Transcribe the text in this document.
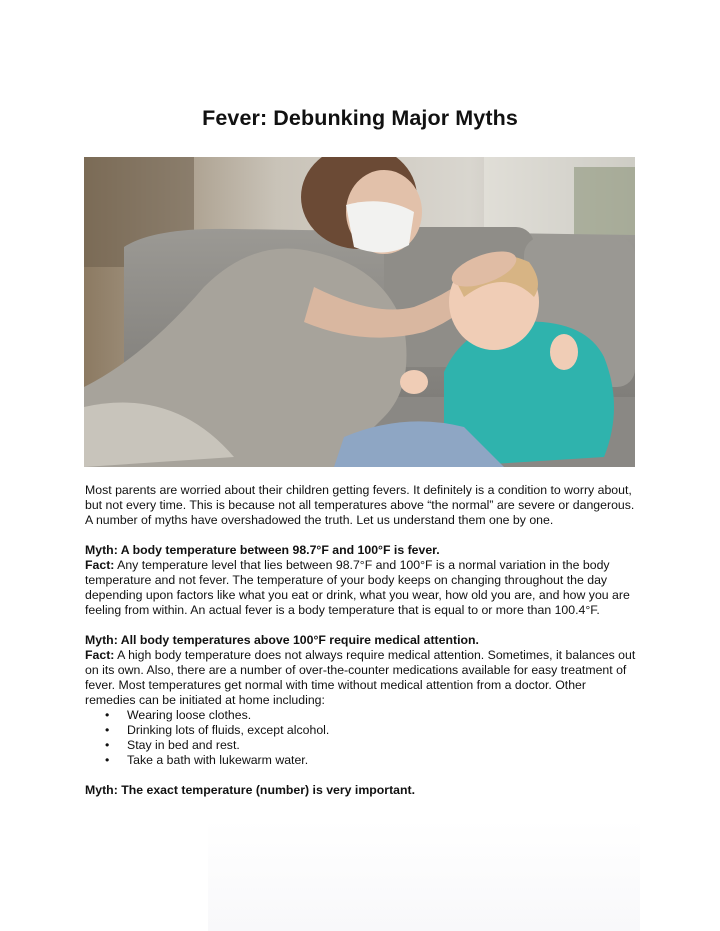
Fever: Debunking Major Myths

Most parents are worried about their children getting fevers. It definitely is a condition to worry about, but not every time. This is because not all temperatures above “the normal” are severe or dangerous. A number of myths have overshadowed the truth. Let us understand them one by one.

Myth: A body temperature between 98.7°F and 100°F is fever.

Fact: Any temperature level that lies between 98.7°F and 100°F is a normal variation in the body temperature and not fever. The temperature of your body keeps on changing throughout the day depending upon factors like what you eat or drink, what you wear, how old you are, and how you are feeling from within. An actual fever is a body temperature that is equal to or more than 100.4°F.

Myth: All body temperatures above 100°F require medical attention.

Fact: A high body temperature does not always require medical attention. Sometimes, it balances out on its own. Also, there are a number of over-the-counter medications available for easy treatment of fever. Most temperatures get normal with time without medical attention from a doctor. Other remedies can be initiated at home including:

• Wearing loose clothes.
• Drinking lots of fluids, except alcohol.
• Stay in bed and rest.
• Take a bath with lukewarm water.

Myth: The exact temperature (number) is very important.
